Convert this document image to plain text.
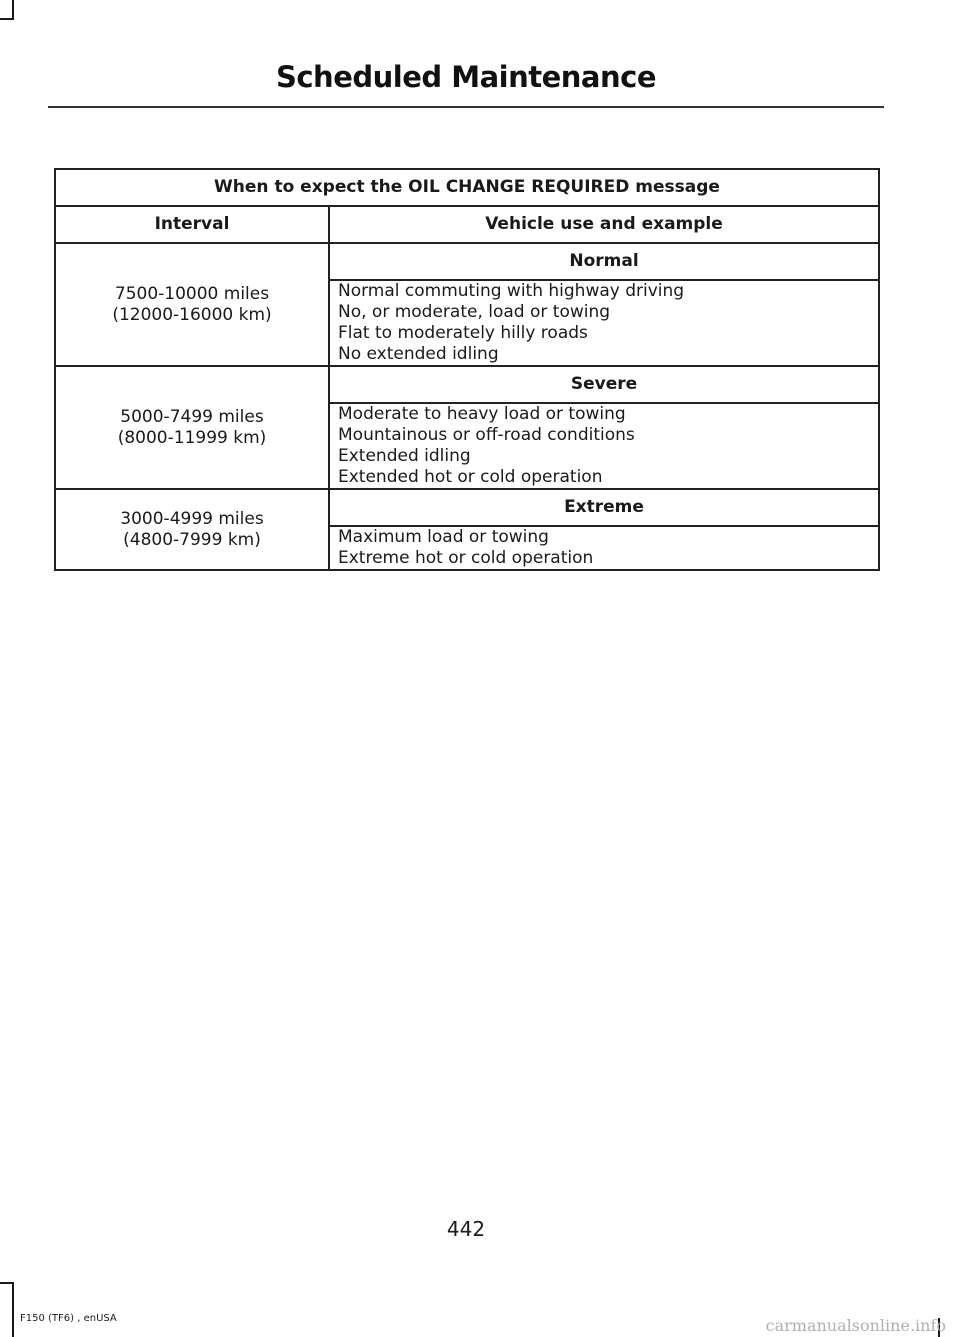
Scheduled Maintenance
When to expect the OIL CHANGE REQUIRED message	
Interval	Vehicle use and example

7500-10000 miles
(12000-16000 km)	Normal

	Normal commuting with highway driving
No, or moderate, load or towing
Flat to moderately hilly roads
No extended idling

5000-7499 miles
(8000-11999 km)	Severe

	Moderate to heavy load or towing
Mountainous or off-road conditions
Extended idling
Extended hot or cold operation

3000-4999 miles
(4800-7999 km)	Extreme

	Maximum load or towing
Extreme hot or cold operation
442
F150 (TF6) , enUSA	carmanualsonline.info
